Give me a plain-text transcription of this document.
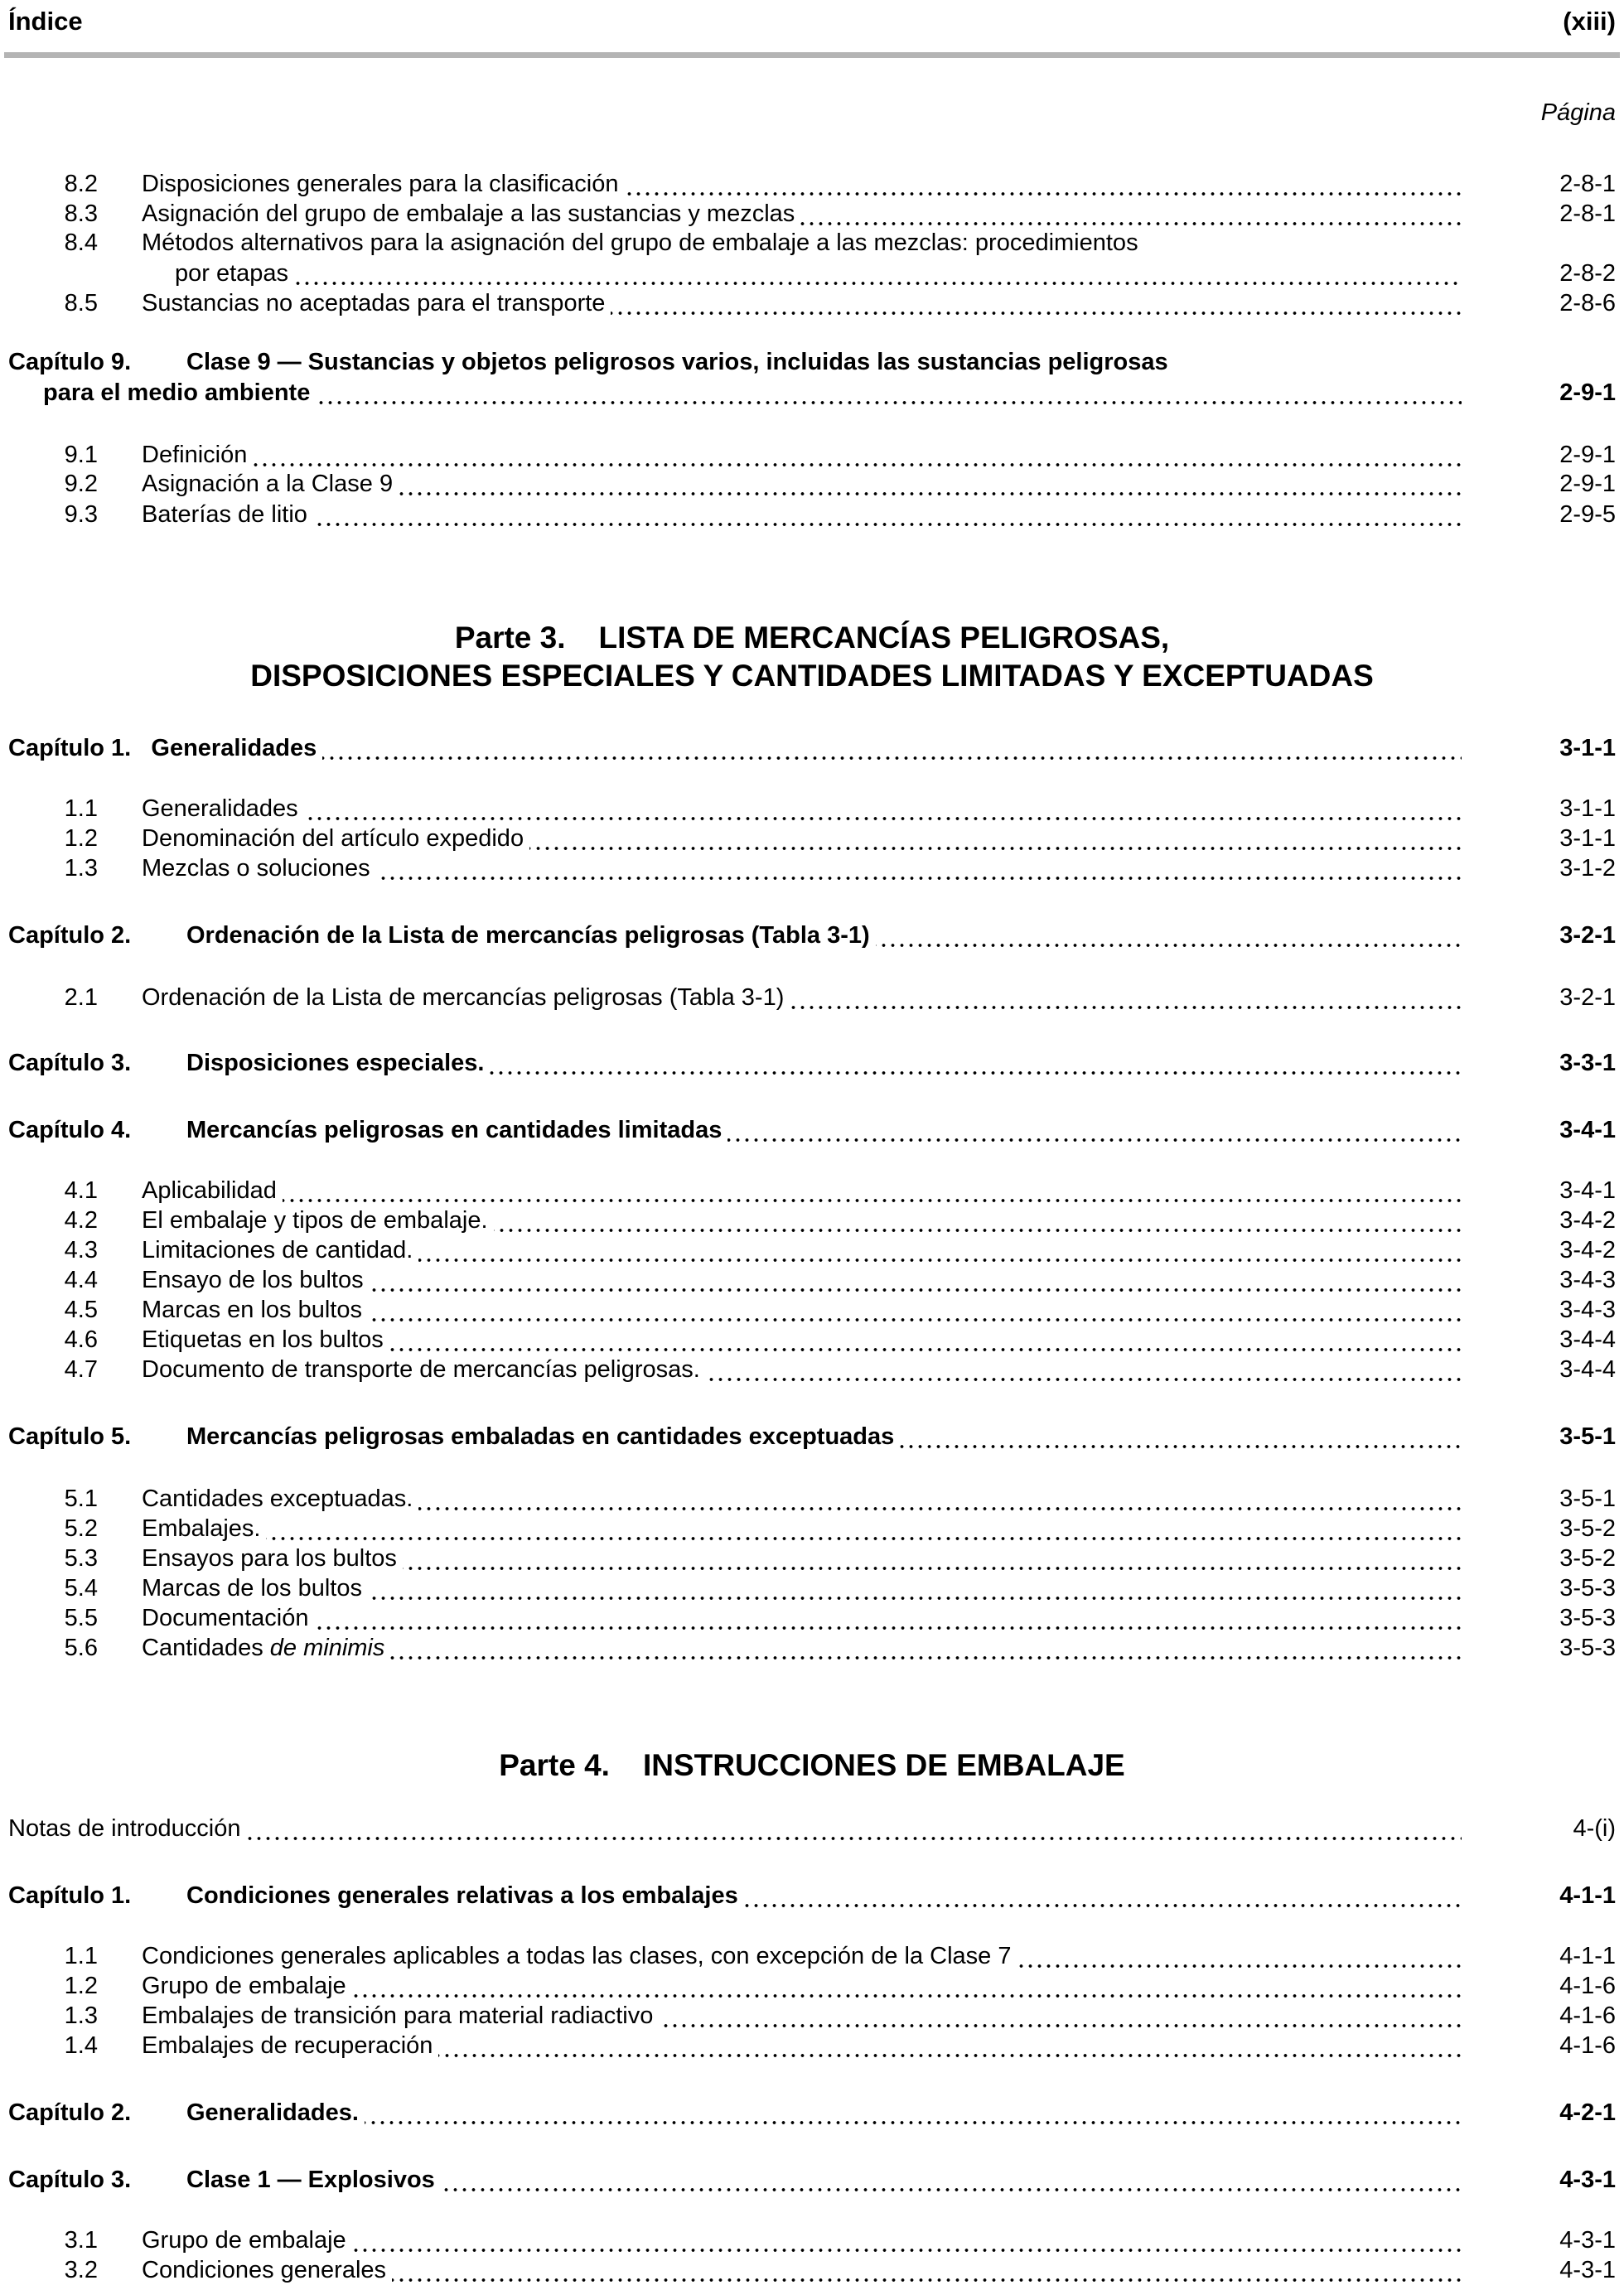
Índice	(xiii)
Página
8.2 Disposiciones generales para la clasificación	2-8-1
8.3 Asignación del grupo de embalaje a las sustancias y mezclas	2-8-1
8.4 Métodos alternativos para la asignación del grupo de embalaje a las mezclas: procedimientos
por etapas	2-8-2
8.5 Sustancias no aceptadas para el transporte	2-8-6
Capítulo 9. Clase 9 — Sustancias y objetos peligrosos varios, incluidas las sustancias peligrosas
para el medio ambiente	2-9-1
9.1 Definición	2-9-1
9.2 Asignación a la Clase 9	2-9-1
9.3 Baterías de litio	2-9-5
Parte 3. LISTA DE MERCANCÍAS PELIGROSAS,
DISPOSICIONES ESPECIALES Y CANTIDADES LIMITADAS Y EXCEPTUADAS
Capítulo 1. Generalidades	3-1-1
1.1 Generalidades	3-1-1
1.2 Denominación del artículo expedido	3-1-1
1.3 Mezclas o soluciones	3-1-2
Capítulo 2. Ordenación de la Lista de mercancías peligrosas (Tabla 3-1)	3-2-1
2.1 Ordenación de la Lista de mercancías peligrosas (Tabla 3-1)	3-2-1
Capítulo 3. Disposiciones especiales.	3-3-1
Capítulo 4. Mercancías peligrosas en cantidades limitadas	3-4-1
4.1 Aplicabilidad	3-4-1
4.2 El embalaje y tipos de embalaje.	3-4-2
4.3 Limitaciones de cantidad.	3-4-2
4.4 Ensayo de los bultos	3-4-3
4.5 Marcas en los bultos	3-4-3
4.6 Etiquetas en los bultos	3-4-4
4.7 Documento de transporte de mercancías peligrosas.	3-4-4
Capítulo 5. Mercancías peligrosas embaladas en cantidades exceptuadas	3-5-1
5.1 Cantidades exceptuadas.	3-5-1
5.2 Embalajes.	3-5-2
5.3 Ensayos para los bultos	3-5-2
5.4 Marcas de los bultos	3-5-3
5.5 Documentación	3-5-3
5.6 Cantidades de minimis	3-5-3
Parte 4. INSTRUCCIONES DE EMBALAJE
Notas de introducción	4-(i)
Capítulo 1. Condiciones generales relativas a los embalajes	4-1-1
1.1 Condiciones generales aplicables a todas las clases, con excepción de la Clase 7	4-1-1
1.2 Grupo de embalaje	4-1-6
1.3 Embalajes de transición para material radiactivo	4-1-6
1.4 Embalajes de recuperación	4-1-6
Capítulo 2. Generalidades.	4-2-1
Capítulo 3. Clase 1 — Explosivos	4-3-1
3.1 Grupo de embalaje	4-3-1
3.2 Condiciones generales	4-3-1
